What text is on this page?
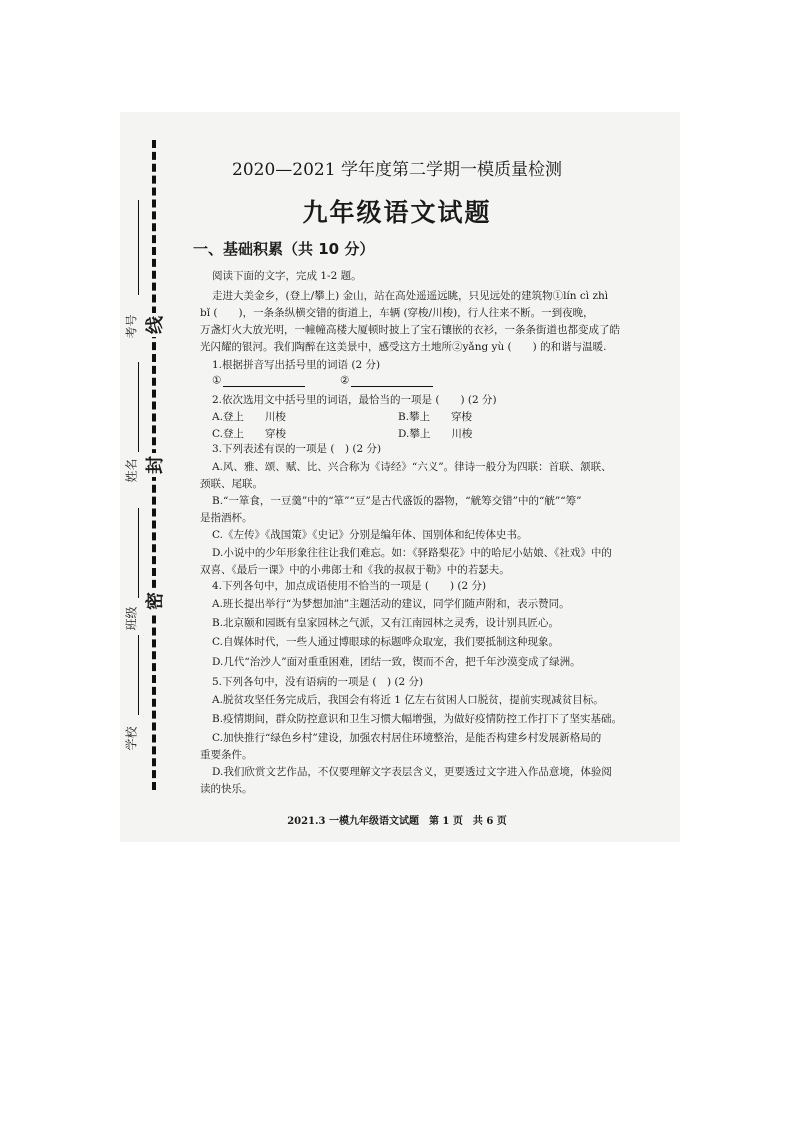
线
封
密
考号
姓名
班级
学校
2020—2021 学年度第二学期一模质量检测
九年级语文试题
一、基础积累（共 10 分）
阅读下面的文字，完成 1-2 题。
走进大美金乡，(登上/攀上) 金山，站在高处遥遥远眺，只见远处的建筑物①lín cì zhì
bǐ (　　)，一条条纵横交错的街道上，车辆 (穿梭/川梭)，行人往来不断。一到夜晚，
万盏灯火大放光明，一幢幢高楼大厦顿时披上了宝石镶嵌的衣衫，一条条街道也都变成了皓
光闪耀的银河。我们陶醉在这美景中，感受这方土地所②yǎng yù (　　) 的和谐与温暖.
1.根据拼音写出括号里的词语 (2 分)
①	②
2.依次选用文中括号里的词语，最恰当的一项是 (　　) (2 分)
A.登上　　川梭	B.攀上　　穿梭
C.登上　　穿梭	D.攀上　　川梭
3.下列表述有误的一项是 (　) (2 分)
A.风、雅、颂、赋、比、兴合称为《诗经》“六义”。律诗一般分为四联：首联、颔联、
颈联、尾联。
B.“一箪食，一豆羹”中的“箪”“豆”是古代盛饭的器物，“觥筹交错”中的“觥”“筹”
是指酒杯。
C.《左传》《战国策》《史记》分别是编年体、国别体和纪传体史书。
D.小说中的少年形象往往让我们难忘。如：《驿路梨花》中的哈尼小姑娘、《社戏》中的
双喜、《最后一课》中的小弗郎士和《我的叔叔于勒》中的若瑟夫。
4.下列各句中，加点成语使用不恰当的一项是 (　　) (2 分)
A.班长提出举行“为梦想加油”主题活动的建议，同学们随声附和，表示赞同。
B.北京颐和园既有皇家园林之气派，又有江南园林之灵秀，设计别具匠心。
C.自媒体时代，一些人通过博眼球的标题哗众取宠，我们要抵制这种现象。
D.几代“治沙人”面对重重困难，团结一致，锲而不舍，把千年沙漠变成了绿洲。
5.下列各句中，没有语病的一项是 (　) (2 分)
A.脱贫攻坚任务完成后，我国会有将近 1 亿左右贫困人口脱贫，提前实现减贫目标。
B.疫情期间，群众防控意识和卫生习惯大幅增强，为做好疫情防控工作打下了坚实基础。
C.加快推行“绿色乡村”建设，加强农村居住环境整治，是能否构建乡村发展新格局的
重要条件。
D.我们欣赏文艺作品，不仅要理解文字表层含义，更要透过文字进入作品意境，体验阅
读的快乐。
2021.3 一模九年级语文试题　第 1 页　共 6 页
